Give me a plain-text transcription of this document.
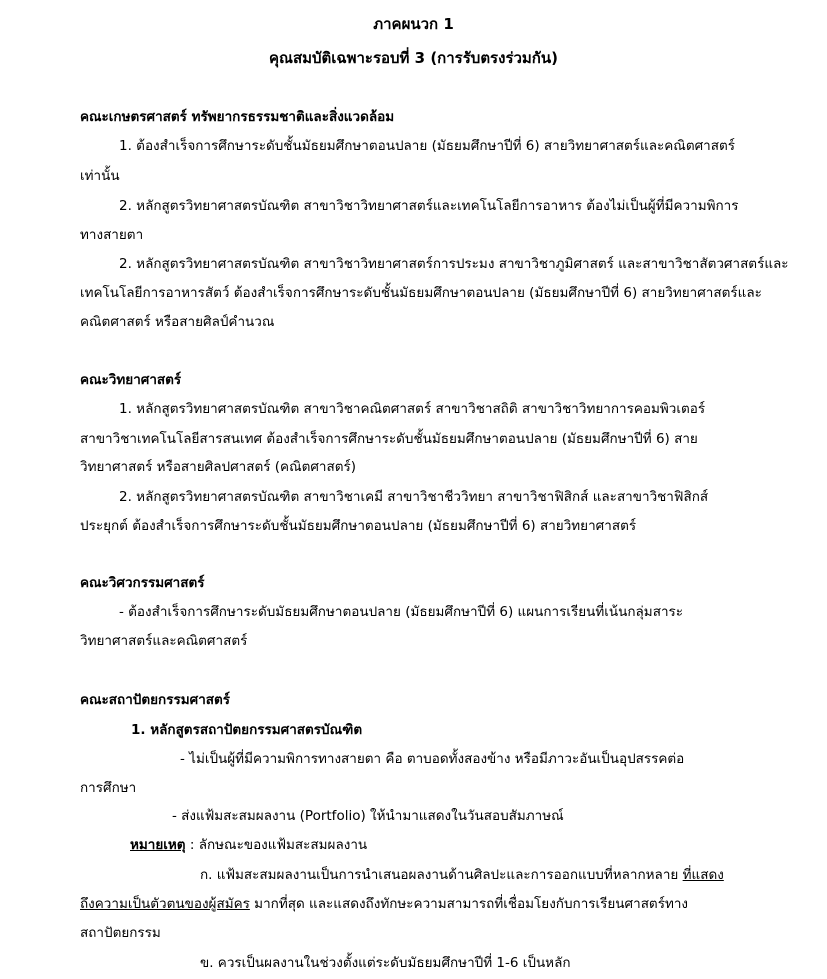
ภาคผนวก 1
คุณสมบัติเฉพาะรอบที่ 3 (การรับตรงร่วมกัน)
คณะเกษตรศาสตร์ ทรัพยากรธรรมชาติและสิ่งแวดล้อม
1. ต้องสำเร็จการศึกษาระดับชั้นมัธยมศึกษาตอนปลาย (มัธยมศึกษาปีที่ 6) สายวิทยาศาสตร์และคณิตศาสตร์
เท่านั้น
2. หลักสูตรวิทยาศาสตรบัณฑิต สาขาวิชาวิทยาศาสตร์และเทคโนโลยีการอาหาร ต้องไม่เป็นผู้ที่มีความพิการ
ทางสายตา
2. หลักสูตรวิทยาศาสตรบัณฑิต สาขาวิชาวิทยาศาสตร์การประมง สาขาวิชาภูมิศาสตร์ และสาขาวิชาสัตวศาสตร์และ
เทคโนโลยีการอาหารสัตว์ ต้องสำเร็จการศึกษาระดับชั้นมัธยมศึกษาตอนปลาย (มัธยมศึกษาปีที่ 6) สายวิทยาศาสตร์และ
คณิตศาสตร์ หรือสายศิลป์คำนวณ
คณะวิทยาศาสตร์
1. หลักสูตรวิทยาศาสตรบัณฑิต สาขาวิชาคณิตศาสตร์ สาขาวิชาสถิติ สาขาวิชาวิทยาการคอมพิวเตอร์
สาขาวิชาเทคโนโลยีสารสนเทศ ต้องสำเร็จการศึกษาระดับชั้นมัธยมศึกษาตอนปลาย (มัธยมศึกษาปีที่ 6) สาย
วิทยาศาสตร์ หรือสายศิลปศาสตร์ (คณิตศาสตร์)
2. หลักสูตรวิทยาศาสตรบัณฑิต สาขาวิชาเคมี สาขาวิชาชีววิทยา สาขาวิชาฟิสิกส์ และสาขาวิชาฟิสิกส์
ประยุกต์ ต้องสำเร็จการศึกษาระดับชั้นมัธยมศึกษาตอนปลาย (มัธยมศึกษาปีที่ 6) สายวิทยาศาสตร์
คณะวิศวกรรมศาสตร์
- ต้องสำเร็จการศึกษาระดับมัธยมศึกษาตอนปลาย (มัธยมศึกษาปีที่ 6) แผนการเรียนที่เน้นกลุ่มสาระ
วิทยาศาสตร์และคณิตศาสตร์
คณะสถาปัตยกรรมศาสตร์
1. หลักสูตรสถาปัตยกรรมศาสตรบัณฑิต
- ไม่เป็นผู้ที่มีความพิการทางสายตา คือ ตาบอดทั้งสองข้าง หรือมีภาวะอันเป็นอุปสรรคต่อ
การศึกษา
- ส่งแฟ้มสะสมผลงาน (Portfolio) ให้นำมาแสดงในวันสอบสัมภาษณ์
หมายเหตุ : ลักษณะของแฟ้มสะสมผลงาน
ก. แฟ้มสะสมผลงานเป็นการนำเสนอผลงานด้านศิลปะและการออกแบบที่หลากหลาย ที่แสดง
ถึงความเป็นตัวตนของผู้สมัคร มากที่สุด และแสดงถึงทักษะความสามารถที่เชื่อมโยงกับการเรียนศาสตร์ทาง
สถาปัตยกรรม
ข. ควรเป็นผลงานในช่วงตั้งแต่ระดับมัธยมศึกษาปีที่ 1-6 เป็นหลัก
